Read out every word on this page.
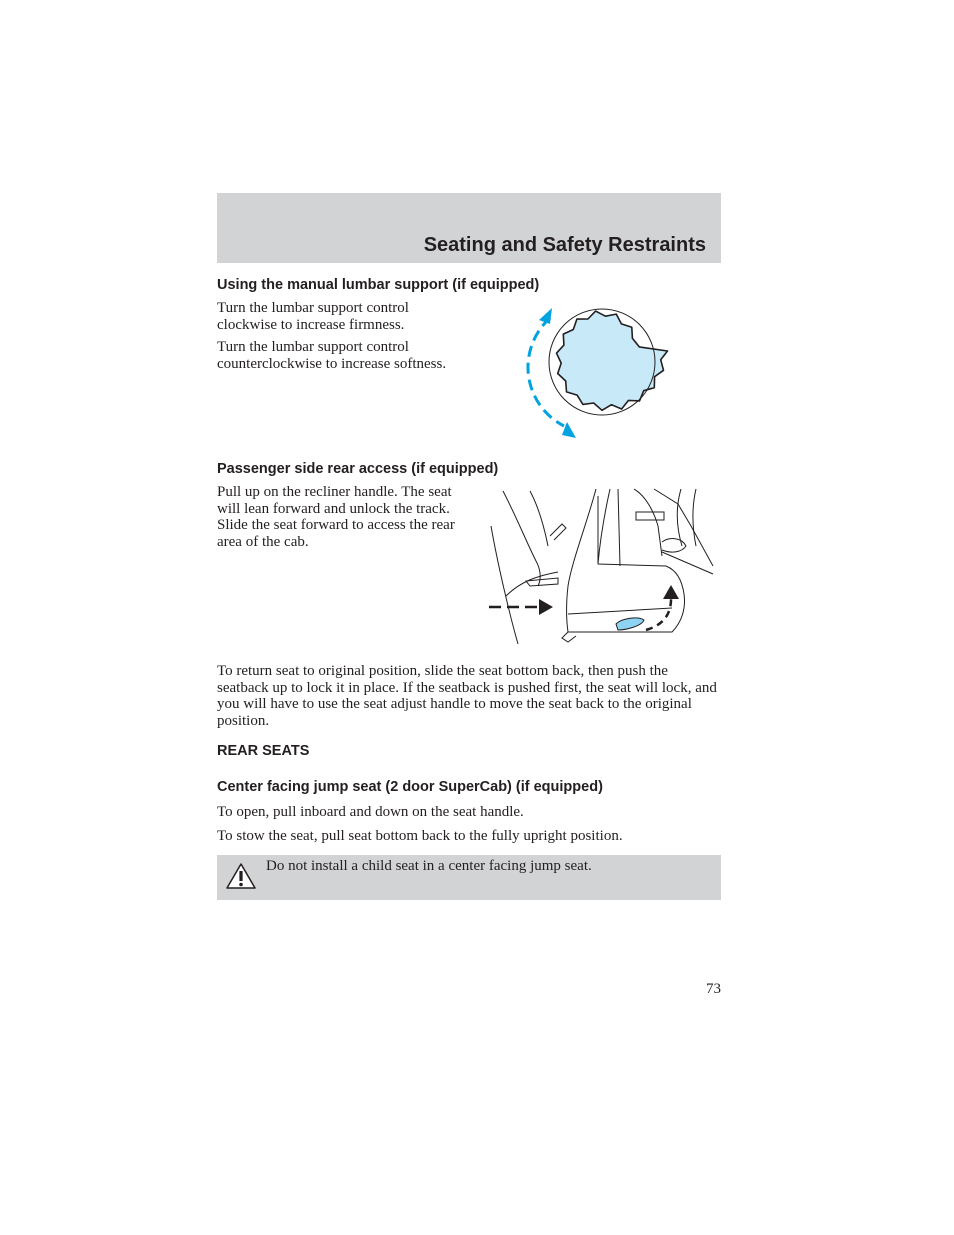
Seating and Safety Restraints
Using the manual lumbar support (if equipped)

Turn the lumbar support control clockwise to increase firmness.

Turn the lumbar support control counterclockwise to increase softness.

Passenger side rear access (if equipped)

Pull up on the recliner handle. The seat will lean forward and unlock the track. Slide the seat forward to access the rear area of the cab.

To return seat to original position, slide the seat bottom back, then push the seatback up to lock it in place. If the seatback is pushed first, the seat will lock, and you will have to use the seat adjust handle to move the seat back to the original position.

REAR SEATS
Center facing jump seat (2 door SuperCab) (if equipped)

To open, pull inboard and down on the seat handle.

To stow the seat, pull seat bottom back to the fully upright position.

Do not install a child seat in a center facing jump seat.

73
